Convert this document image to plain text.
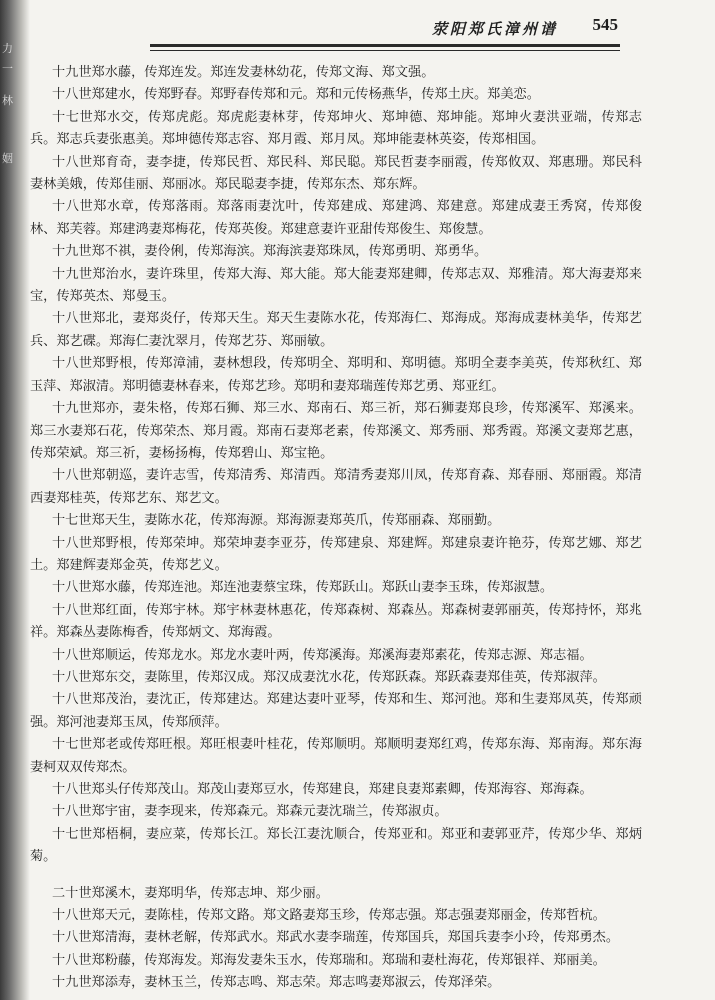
力
一
林
姻
荥阳郑氏漳州谱 545

十九世郑水藤，传郑连发。郑连发妻林幼花，传郑文海、郑文强。

十八世郑建水，传郑野春。郑野春传郑和元。郑和元传杨燕华，传郑土庆。郑美恋。

十七世郑水交，传郑虎彪。郑虎彪妻林芽，传郑坤火、郑坤德、郑坤能。郑坤火妻洪亚端，传郑志兵。郑志兵妻张惠美。郑坤德传郑志容、郑月霞、郑月凤。郑坤能妻林英姿，传郑相国。

十八世郑育奇，妻李捷，传郑民哲、郑民科、郑民聪。郑民哲妻李丽霞，传郑攸双、郑惠珊。郑民科妻林美娥，传郑佳丽、郑丽冰。郑民聪妻李捷，传郑东杰、郑东辉。

十八世郑水章，传郑落雨。郑落雨妻沈叶，传郑建成、郑建鸿、郑建意。郑建成妻王秀窝，传郑俊林、郑芙蓉。郑建鸿妻郑梅花，传郑英俊。郑建意妻许亚甜传郑俊生、郑俊慧。

十九世郑不祺，妻伶俐，传郑海滨。郑海滨妻郑珠凤，传郑勇明、郑勇华。

十九世郑治水，妻许珠里，传郑大海、郑大能。郑大能妻郑建卿，传郑志双、郑雅清。郑大海妻郑来宝，传郑英杰、郑曼玉。

十八世郑北，妻郑炎仔，传郑天生。郑天生妻陈水花，传郑海仁、郑海成。郑海成妻林美华，传郑艺兵、郑艺碟。郑海仁妻沈翠月，传郑艺芬、郑丽敏。

十八世郑野根，传郑漳浦，妻林想段，传郑明全、郑明和、郑明德。郑明全妻李美英，传郑秋红、郑玉萍、郑淑清。郑明德妻林春来，传郑艺珍。郑明和妻郑瑞莲传郑艺勇、郑亚红。

十九世郑亦，妻朱格，传郑石狮、郑三水、郑南石、郑三祈，郑石狮妻郑良珍，传郑溪军、郑溪来。郑三水妻郑石花，传郑荣杰、郑月霞。郑南石妻郑老素，传郑溪文、郑秀丽、郑秀霞。郑溪文妻郑艺惠，传郑荣斌。郑三祈，妻杨扬梅，传郑碧山、郑宝艳。

十八世郑朝巡，妻许志雪，传郑清秀、郑清西。郑清秀妻郑川凤，传郑育森、郑春丽、郑丽霞。郑清西妻郑桂英，传郑艺东、郑艺文。

十七世郑天生，妻陈水花，传郑海源。郑海源妻郑英爪，传郑丽森、郑丽勤。

十八世郑野根，传郑荣坤。郑荣坤妻李亚芬，传郑建泉、郑建辉。郑建泉妻许艳芬，传郑艺娜、郑艺土。郑建辉妻郑金英，传郑艺义。

十八世郑水藤，传郑连池。郑连池妻蔡宝珠，传郑跃山。郑跃山妻李玉珠，传郑淑慧。

十八世郑红面，传郑宇林。郑宇林妻林惠花，传郑森树、郑森丛。郑森树妻郭丽英，传郑持怀，郑兆祥。郑森丛妻陈梅香，传郑炳文、郑海霞。

十八世郑顺运，传郑龙水。郑龙水妻叶两，传郑溪海。郑溪海妻郑素花，传郑志源、郑志福。

十八世郑东交，妻陈里，传郑汉成。郑汉成妻沈水花，传郑跃森。郑跃森妻郑佳英，传郑淑萍。

十八世郑茂治，妻沈正，传郑建达。郑建达妻叶亚琴，传郑和生、郑河池。郑和生妻郑凤英，传郑顽强。郑河池妻郑玉凤，传郑颀萍。

十七世郑老或传郑旺根。郑旺根妻叶桂花，传郑顺明。郑顺明妻郑红鸡，传郑东海、郑南海。郑东海妻柯双双传郑杰。

十八世郑头仔传郑茂山。郑茂山妻郑豆水，传郑建良，郑建良妻郑素卿，传郑海容、郑海森。

十八世郑宇宙，妻李现来，传郑森元。郑森元妻沈瑞兰，传郑淑贞。

十七世郑梧桐，妻应菜，传郑长江。郑长江妻沈顺合，传郑亚和。郑亚和妻郭亚芹，传郑少华、郑炳菊。

二十世郑溪木，妻郑明华，传郑志坤、郑少丽。

十八世郑天元，妻陈桂，传郑文路。郑文路妻郑玉珍，传郑志强。郑志强妻郑丽金，传郑哲杭。

十八世郑清海，妻林老解，传郑武水。郑武水妻李瑞莲，传郑国兵，郑国兵妻李小玲，传郑勇杰。

十八世郑粉藤，传郑海发。郑海发妻朱玉水，传郑瑞和。郑瑞和妻杜海花，传郑银祥、郑丽美。

十九世郑添寿，妻林玉兰，传郑志鸣、郑志荣。郑志鸣妻郑淑云，传郑泽荣。
